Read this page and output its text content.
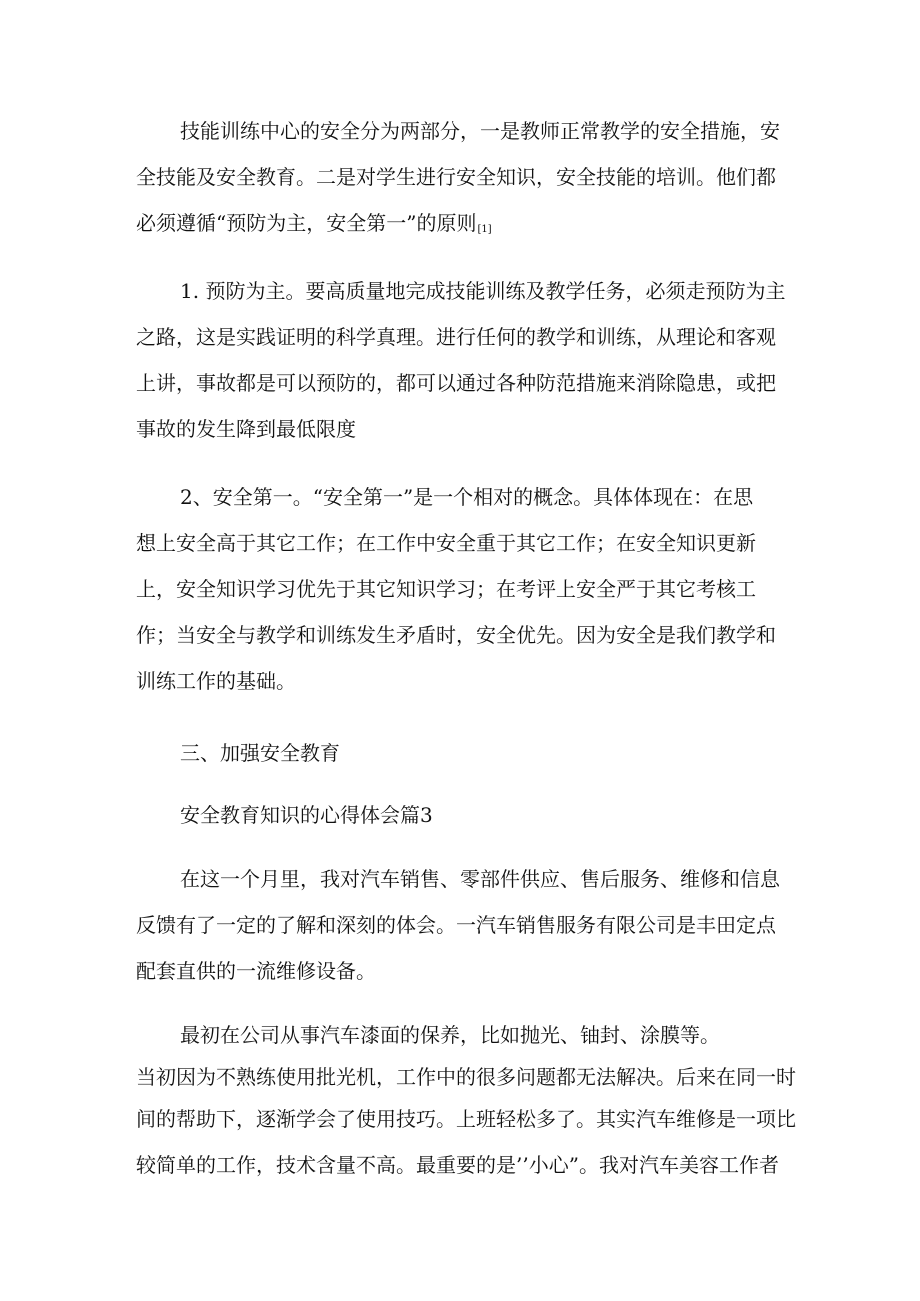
技能训练中心的安全分为两部分，一是教师正常教学的安全措施，安
全技能及安全教育。二是对学生进行安全知识，安全技能的培训。他们都
必须遵循“预防为主，安全第一”的原则[1]
1. 预防为主。要高质量地完成技能训练及教学任务，必须走预防为主
之路，这是实践证明的科学真理。进行任何的教学和训练，从理论和客观
上讲，事故都是可以预防的，都可以通过各种防范措施来消除隐患，或把
事故的发生降到最低限度
2、安全第一。“安全第一”是一个相对的概念。具体体现在：在思
想上安全高于其它工作；在工作中安全重于其它工作；在安全知识更新
上，安全知识学习优先于其它知识学习；在考评上安全严于其它考核工
作；当安全与教学和训练发生矛盾时，安全优先。因为安全是我们教学和
训练工作的基础。

三、加强安全教育

安全教育知识的心得体会篇3

在这一个月里，我对汽车销售、零部件供应、售后服务、维修和信息
反馈有了一定的了解和深刻的体会。一汽车销售服务有限公司是丰田定点
配套直供的一流维修设备。
最初在公司从事汽车漆面的保养，比如抛光、铀封、涂膜等。
当初因为不熟练使用批光机，工作中的很多问题都无法解决。后来在同一时
间的帮助下，逐渐学会了使用技巧。上班轻松多了。其实汽车维修是一项比
较简单的工作，技术含量不高。最重要的是’’小心”。我对汽车美容工作者
